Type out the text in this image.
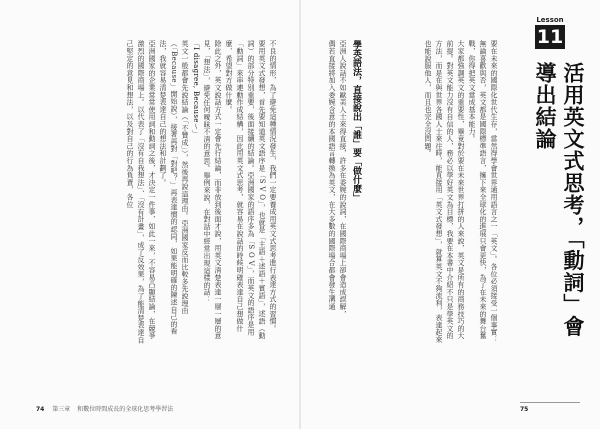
Lesson
11
活用英文式思考，「動詞」會導出結論

要在未來的國際化世代生存，當然得學會世界通用語言之一「英文」。各位必須接受一個事實：無論喜歡與否，英文都是國際標準語言，擁下來全球化的進展只會更快，為了在未來的舞台奮戰，你得把英文當成基本能力。

大家都強調英文的重要性，畢竟對於要在未來世界打拼的人來說，英文是所有的商務技巧的大前提。對英文能力沒有自信的人，務必以學好英文為目標，我要在本書中介紹不只是學英文的方法，而是在與世界各國人士來往時，能直接用「英文式發想」，就算英文不夠流利，表達起來也能說服他人，而且也完全沒問題。

學英語法，直接說出「誰」要「做什麼」

亞洲人說話不如歐美人士來得直接，許多在委婉的說詞，在國際商場上卻會造成誤解，

偶若直接將加入委婉含意的本國語言轉換為英文，在大多數的國際場合都會發生溝通

不良的情形，為了避免這種情況發生，我們一定要養成用英文式思考進行表達方式的習慣。

要用英文式發想，首先要知道英文語序是「S V O」，也就是「主語＋述語＋賓語」，述語（動詞）的部分特別重要，後面接續的結論。亞洲國家的語序多為「S O V」，而英文的語序是用「動詞」來串連動作成結構，因此用英文式思考，就容易在說話的時候明確表達自己想做什麼、希望對方做什麼。

除此之外，英文說話方式一定會先行結論，而非放到後面才說，用英文清楚表達一層一層的意見，「想法」，避免任何曖昧不清的意思。舉例來說，在對話中經常出現這樣的話：

「I disagree, Because～」

英文一般都會先說結論（「不贊成」），然後再說這理由。亞洲國家反而比較多先說理由（「Because」開始說），接著再對「對吧？」再表達慣的認同，如果能明確的陳述自己的看法，我就容易清楚表達自己的想法和計劃了。

亞洲國家的企業常常使用詞和動詞之後，才決定一件事，如此一來，不容易凸顯結論，在競爭激烈的國際商場上。以代表了「沒有自我想法」、「沒有計畫」，成了反效果，為了能清楚表達自己堅定的意見和想法，以及對自己的行為負責，各位

74 第三章 和數位時間成長的全球化思考學習法	75
